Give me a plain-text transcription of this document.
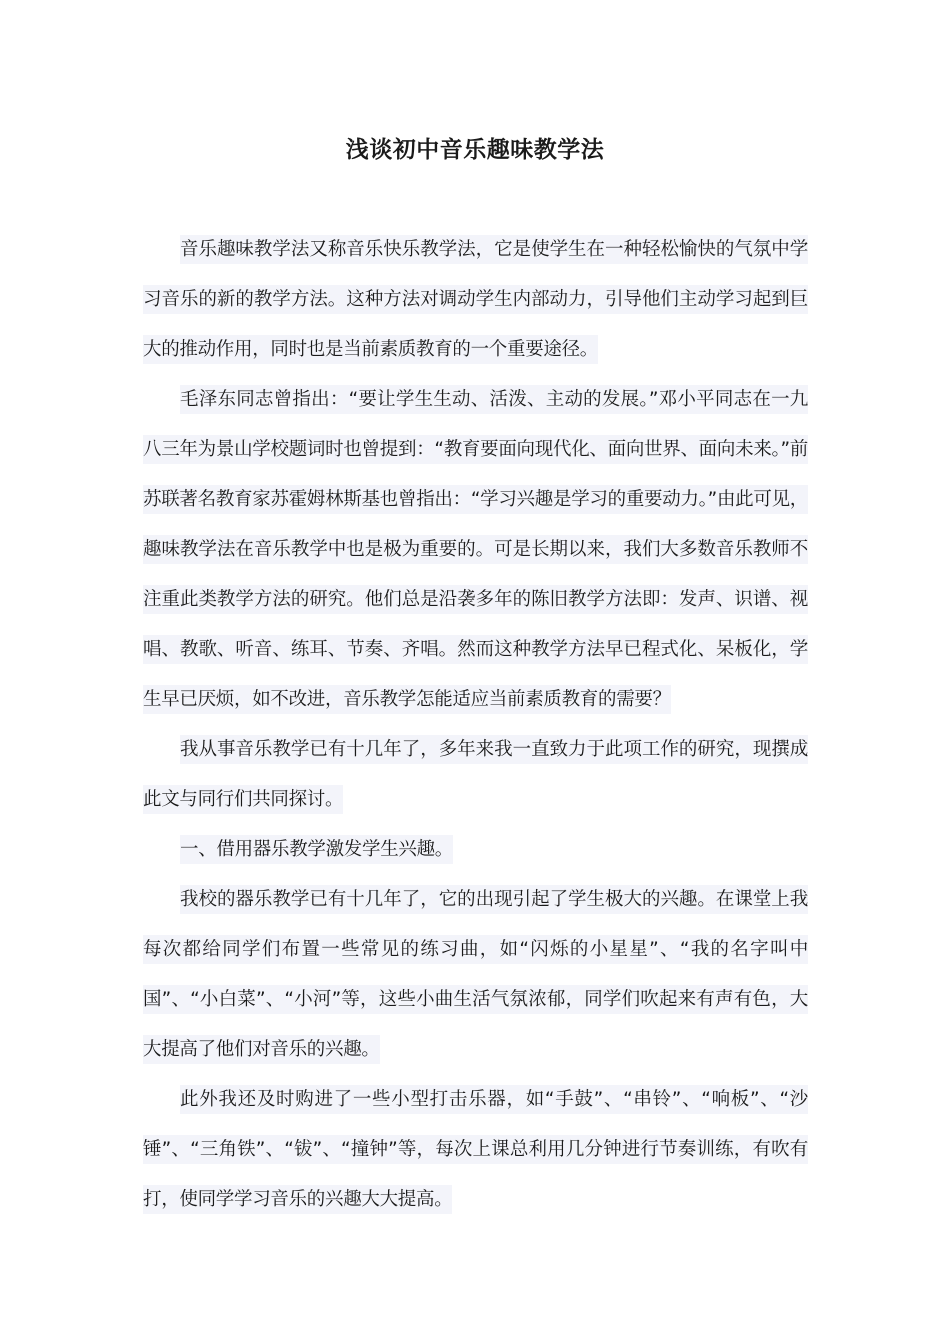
浅谈初中音乐趣味教学法

音乐趣味教学法又称音乐快乐教学法，它是使学生在一种轻松愉快的气氛中学习音乐的新的教学方法。这种方法对调动学生内部动力，引导他们主动学习起到巨大的推动作用，同时也是当前素质教育的一个重要途径。

毛泽东同志曾指出：“要让学生生动、活泼、主动的发展。”邓小平同志在一九八三年为景山学校题词时也曾提到：“教育要面向现代化、面向世界、面向未来。”前苏联著名教育家苏霍姆林斯基也曾指出：“学习兴趣是学习的重要动力。”由此可见，趣味教学法在音乐教学中也是极为重要的。可是长期以来，我们大多数音乐教师不注重此类教学方法的研究。他们总是沿袭多年的陈旧教学方法即：发声、识谱、视唱、教歌、听音、练耳、节奏、齐唱。然而这种教学方法早已程式化、呆板化，学生早已厌烦，如不改进，音乐教学怎能适应当前素质教育的需要？

我从事音乐教学已有十几年了，多年来我一直致力于此项工作的研究，现撰成此文与同行们共同探讨。

一、借用器乐教学激发学生兴趣。

我校的器乐教学已有十几年了，它的出现引起了学生极大的兴趣。在课堂上我每次都给同学们布置一些常见的练习曲，如“闪烁的小星星”、“我的名字叫中国”、“小白菜”、“小河”等，这些小曲生活气氛浓郁，同学们吹起来有声有色，大大提高了他们对音乐的兴趣。

此外我还及时购进了一些小型打击乐器，如“手鼓”、“串铃”、“响板”、“沙锤”、“三角铁”、“钹”、“撞钟”等，每次上课总利用几分钟进行节奏训练，有吹有打，使同学学习音乐的兴趣大大提高。
